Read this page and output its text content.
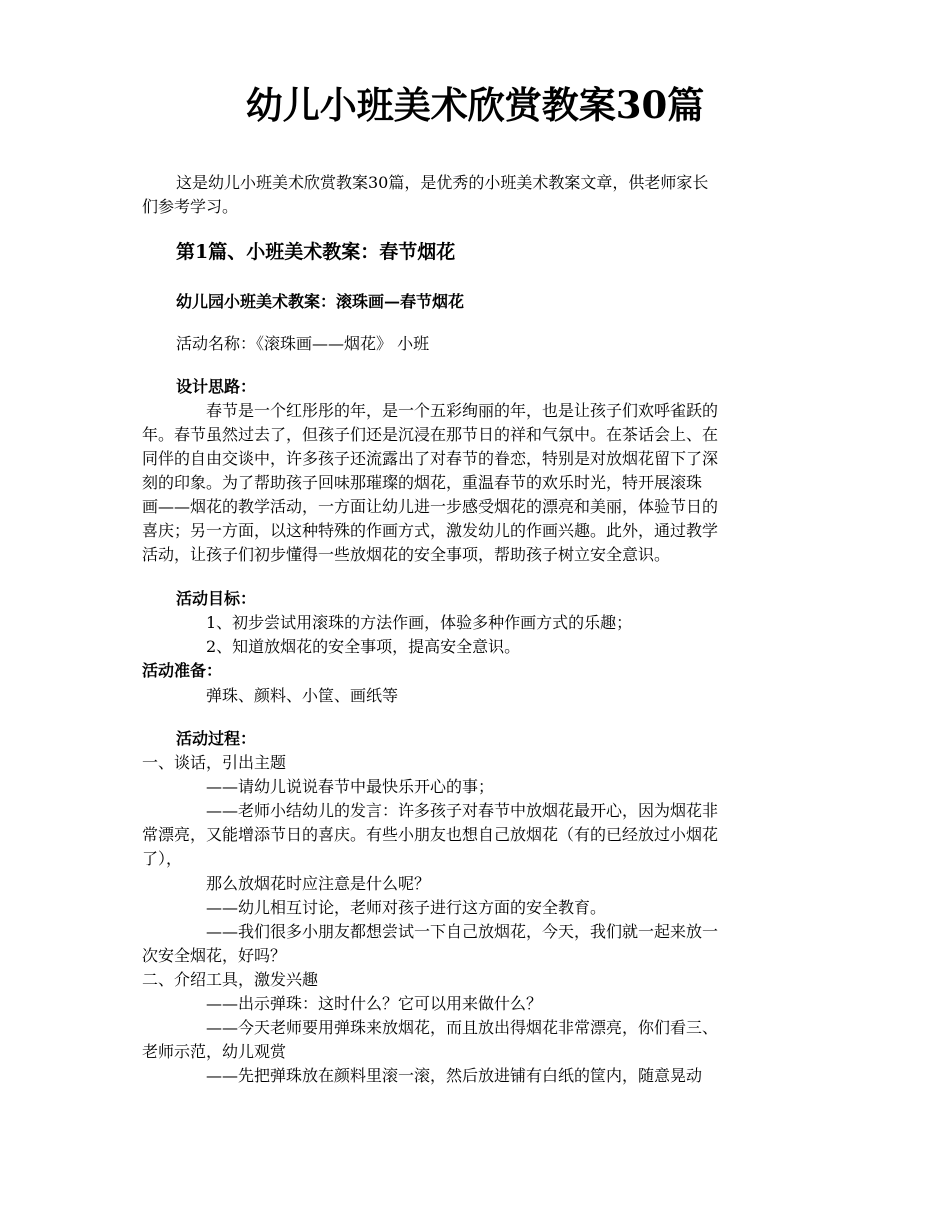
幼儿小班美术欣赏教案30篇
这是幼儿小班美术欣赏教案30篇，是优秀的小班美术教案文章，供老师家长
们参考学习。
第1篇、小班美术教案：春节烟花
幼儿园小班美术教案：滚珠画—春节烟花
活动名称：《滚珠画——烟花》 小班
设计思路：
春节是一个红彤彤的年，是一个五彩绚丽的年，也是让孩子们欢呼雀跃的
年。春节虽然过去了，但孩子们还是沉浸在那节日的祥和气氛中。在茶话会上、在
同伴的自由交谈中，许多孩子还流露出了对春节的眷恋，特别是对放烟花留下了深
刻的印象。为了帮助孩子回味那璀璨的烟花，重温春节的欢乐时光，特开展滚珠
画——烟花的教学活动，一方面让幼儿进一步感受烟花的漂亮和美丽，体验节日的
喜庆；另一方面，以这种特殊的作画方式，激发幼儿的作画兴趣。此外，通过教学
活动，让孩子们初步懂得一些放烟花的安全事项，帮助孩子树立安全意识。
活动目标：
1、初步尝试用滚珠的方法作画，体验多种作画方式的乐趣；
2、知道放烟花的安全事项，提高安全意识。
活动准备：
弹珠、颜料、小筐、画纸等
活动过程：
一、谈话，引出主题
——请幼儿说说春节中最快乐开心的事；
——老师小结幼儿的发言：许多孩子对春节中放烟花最开心，因为烟花非
常漂亮，又能增添节日的喜庆。有些小朋友也想自己放烟花（有的已经放过小烟花
了），
那么放烟花时应注意是什么呢？
——幼儿相互讨论，老师对孩子进行这方面的安全教育。
——我们很多小朋友都想尝试一下自己放烟花，今天，我们就一起来放一
次安全烟花，好吗？
二、介绍工具，激发兴趣
——出示弹珠：这时什么？它可以用来做什么？
——今天老师要用弹珠来放烟花，而且放出得烟花非常漂亮，你们看三、
老师示范，幼儿观赏
——先把弹珠放在颜料里滚一滚，然后放进铺有白纸的筐内，随意晃动
